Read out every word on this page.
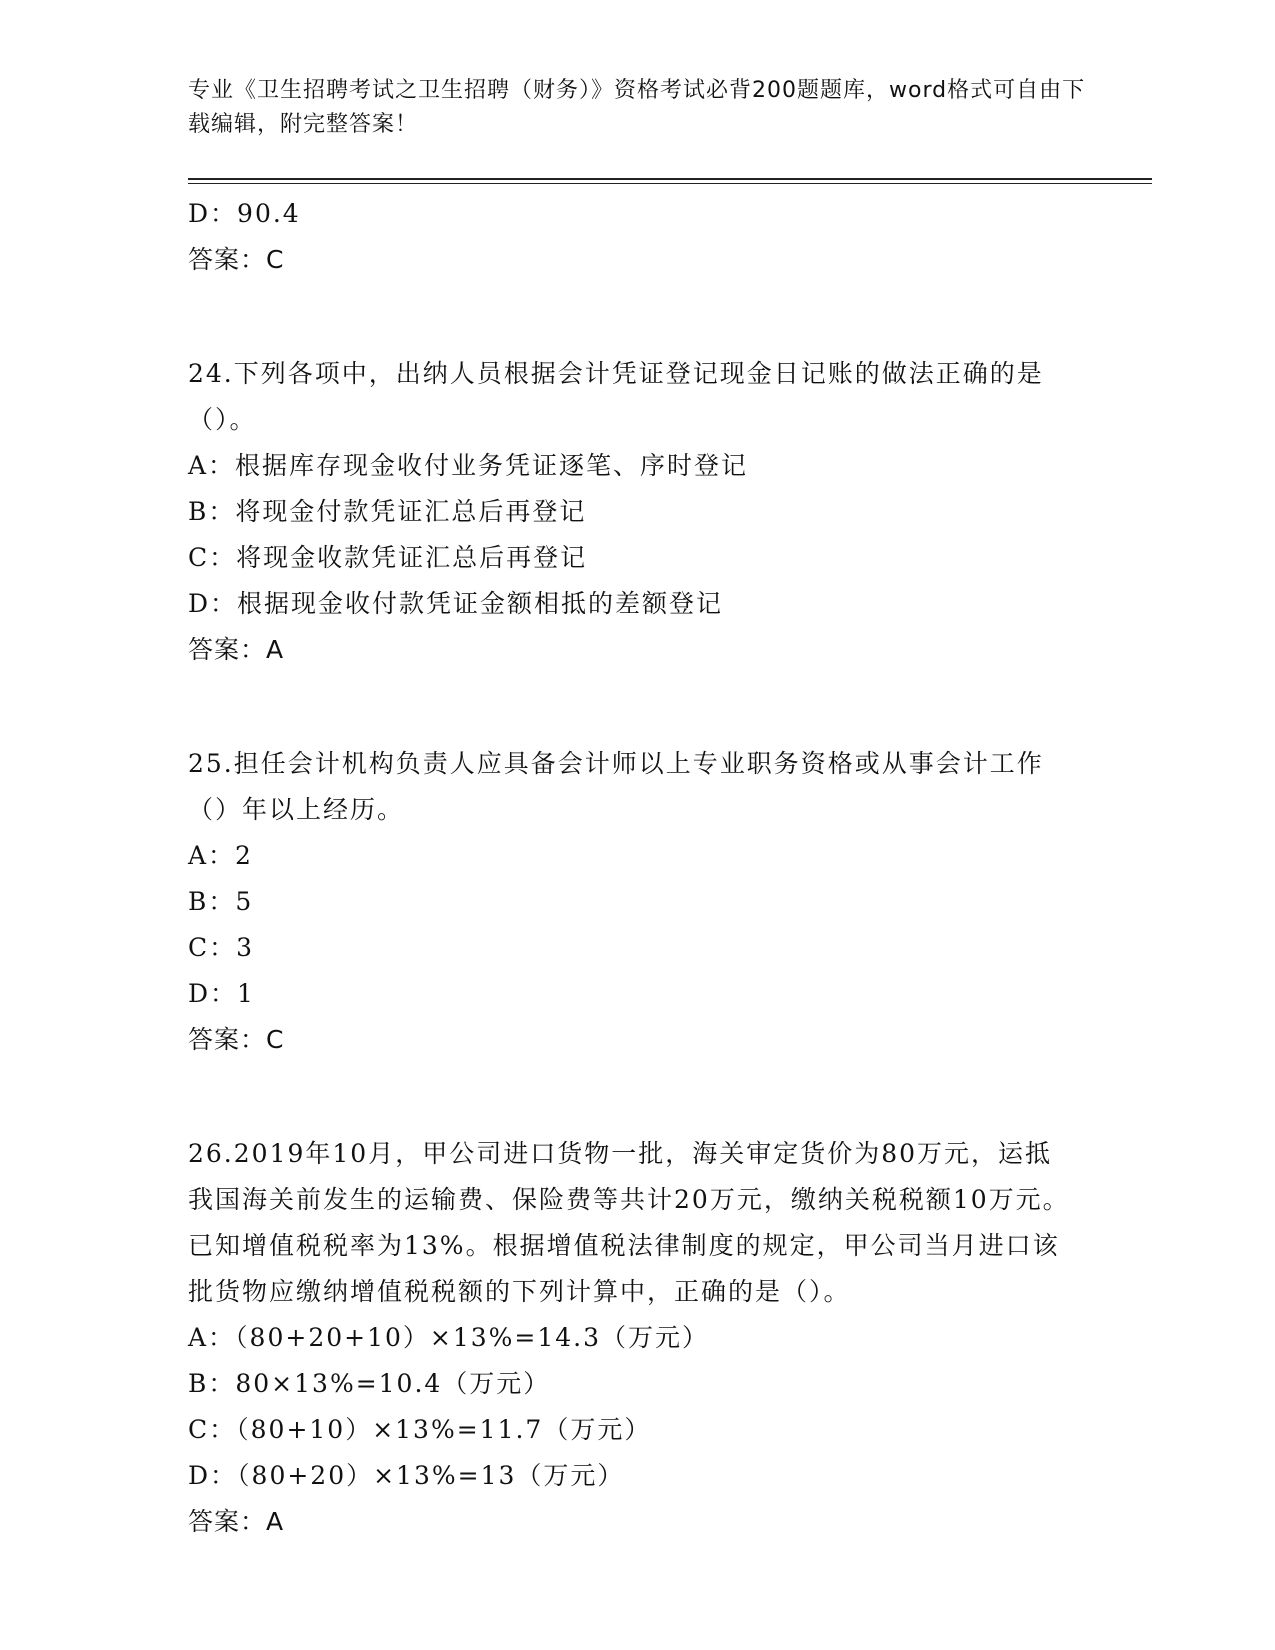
专业《卫生招聘考试之卫生招聘（财务）》资格考试必背200题题库，word格式可自由下载编辑，附完整答案！
D：90.4
答案：C
24.下列各项中，出纳人员根据会计凭证登记现金日记账的做法正确的是（）。
A：根据库存现金收付业务凭证逐笔、序时登记
B：将现金付款凭证汇总后再登记
C：将现金收款凭证汇总后再登记
D：根据现金收付款凭证金额相抵的差额登记
答案：A
25.担任会计机构负责人应具备会计师以上专业职务资格或从事会计工作（）年以上经历。
A：2
B：5
C：3
D：1
答案：C
26.2019年10月，甲公司进口货物一批，海关审定货价为80万元，运抵我国海关前发生的运输费、保险费等共计20万元，缴纳关税税额10万元。已知增值税税率为13%。根据增值税法律制度的规定，甲公司当月进口该批货物应缴纳增值税税额的下列计算中，正确的是（）。
A：（80+20+10）×13%=14.3（万元）
B：80×13%=10.4（万元）
C：（80+10）×13%=11.7（万元）
D：（80+20）×13%=13（万元）
答案：A
